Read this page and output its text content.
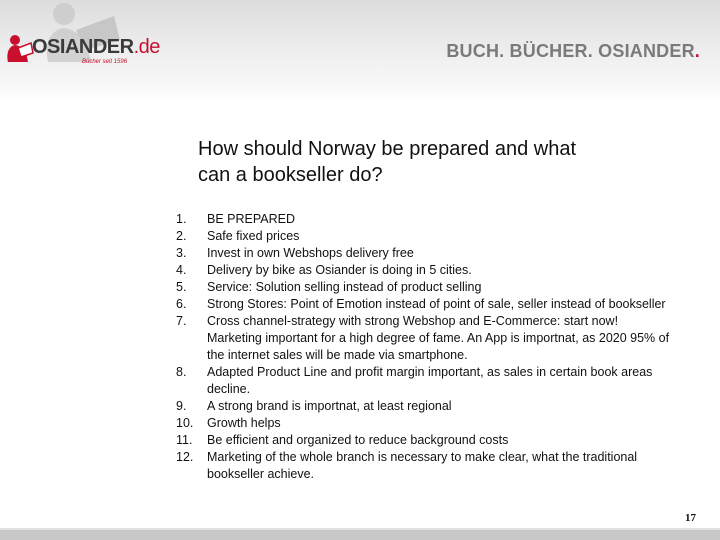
OSIANDER.de
Bücher seit 1596
BUCH. BÜCHER. OSIANDER.
How should Norway be prepared and what
can a bookseller do?
1. BE PREPARED
2. Safe fixed prices
3. Invest in own Webshops delivery free
4. Delivery by bike as Osiander is doing in 5 cities.
5. Service: Solution selling instead of product selling
6. Strong Stores: Point of Emotion instead of point of sale, seller instead of bookseller
7. Cross channel-strategy with strong Webshop and E-Commerce: start now! Marketing important for a high degree of fame. An App is importnat, as 2020 95% of the internet sales will be made via smartphone.
8. Adapted Product Line and profit margin important, as sales in certain book areas decline.
9. A strong brand is importnat, at least regional
10. Growth helps
11. Be efficient and organized to reduce background costs
12. Marketing of the whole branch is necessary to make clear, what the traditional bookseller achieve.
17
